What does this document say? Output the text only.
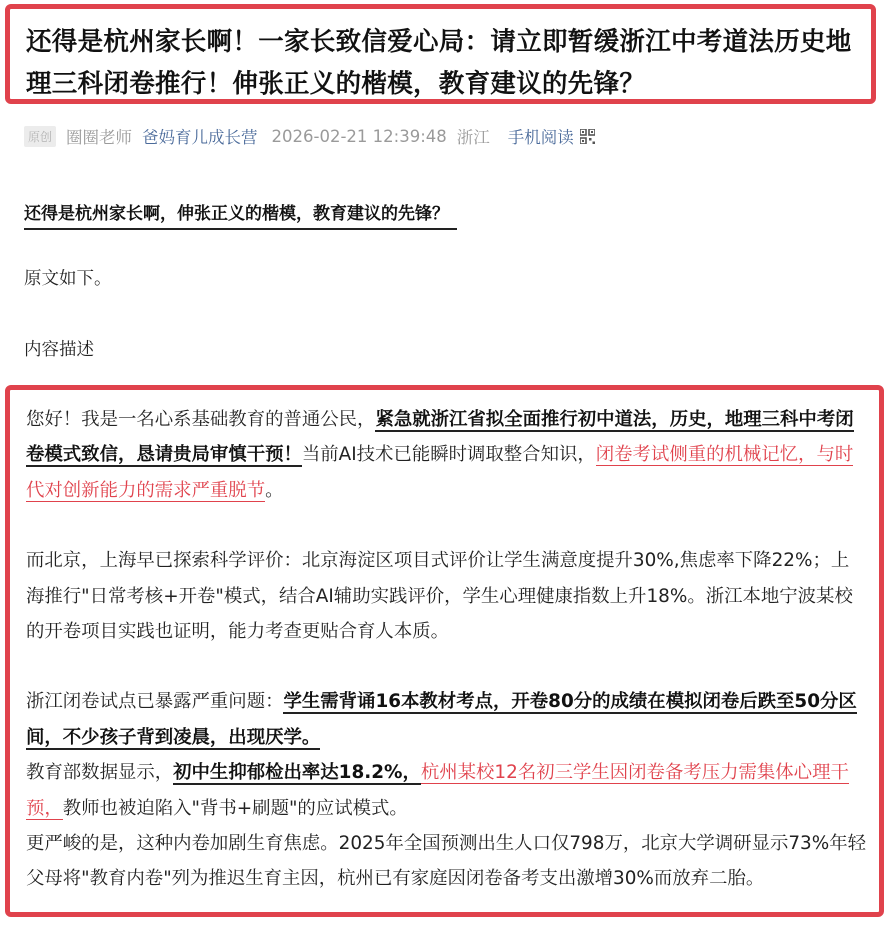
还得是杭州家长啊！一家长致信爱心局：请立即暂缓浙江中考道法历史地理三科闭卷推行！伸张正义的楷模，教育建议的先锋？
原创 圈圈老师 爸妈育儿成长营 2026-02-21 12:39:48 浙江 手机阅读
还得是杭州家长啊，伸张正义的楷模，教育建议的先锋？
原文如下。
内容描述

您好！我是一名心系基础教育的普通公民，紧急就浙江省拟全面推行初中道法，历史，地理三科中考闭卷模式致信，恳请贵局审慎干预！当前AI技术已能瞬时调取整合知识，闭卷考试侧重的机械记忆，与时代对创新能力的需求严重脱节。

而北京，上海早已探索科学评价：北京海淀区项目式评价让学生满意度提升30%,焦虑率下降22%；上海推行"日常考核+开卷"模式，结合AI辅助实践评价，学生心理健康指数上升18%。浙江本地宁波某校的开卷项目实践也证明，能力考查更贴合育人本质。

浙江闭卷试点已暴露严重问题：学生需背诵16本教材考点，开卷80分的成绩在模拟闭卷后跌至50分区间，不少孩子背到凌晨，出现厌学。

教育部数据显示，初中生抑郁检出率达18.2%，杭州某校12名初三学生因闭卷备考压力需集体心理干预，教师也被迫陷入"背书+刷题"的应试模式。

更严峻的是，这种内卷加剧生育焦虑。2025年全国预测出生人口仅798万，北京大学调研显示73%年轻父母将"教育内卷"列为推迟生育主因，杭州已有家庭因闭卷备考支出激增30%而放弃二胎。
